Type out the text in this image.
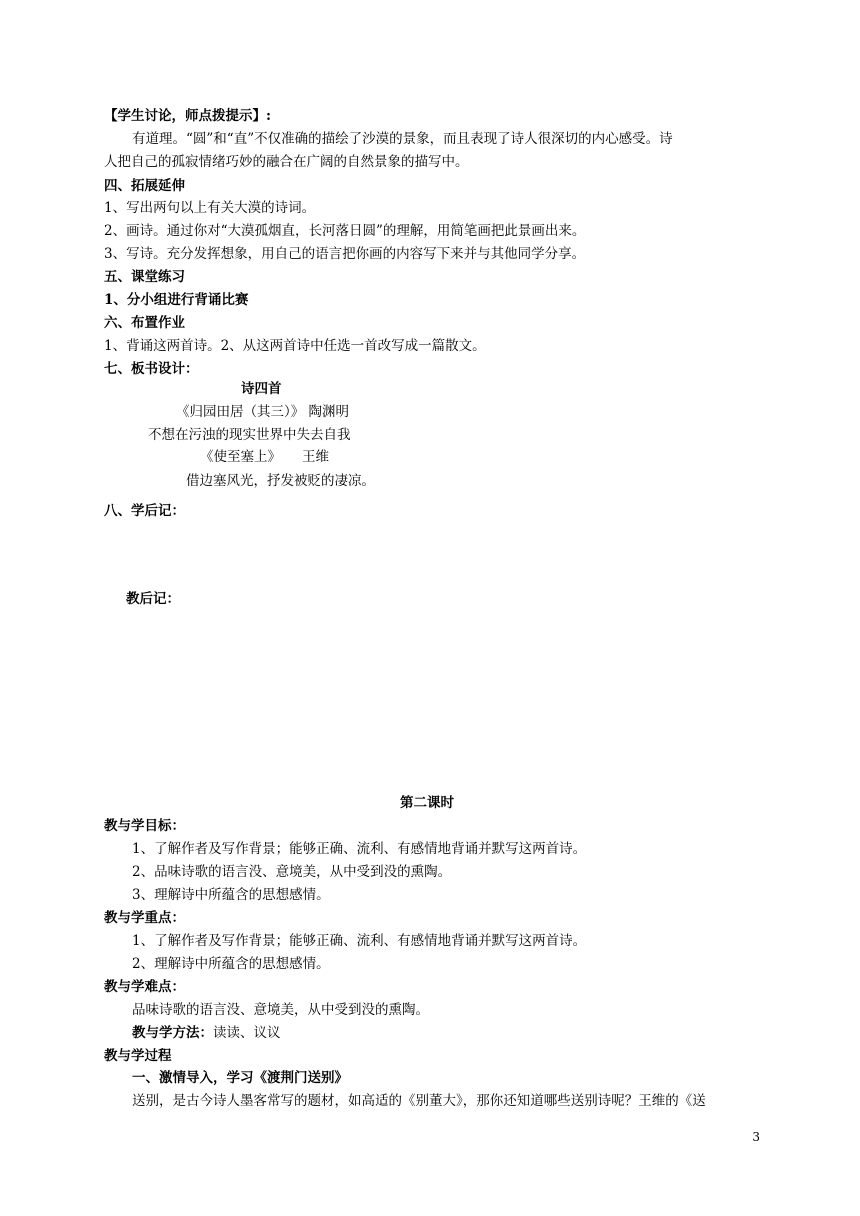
【学生讨论，师点拨提示】:
有道理。“圆”和“直”不仅准确的描绘了沙漠的景象，而且表现了诗人很深切的内心感受。诗
人把自己的孤寂情绪巧妙的融合在广阔的自然景象的描写中。
四、拓展延伸
1、写出两句以上有关大漠的诗词。
2、画诗。通过你对“大漠孤烟直，长河落日圆”的理解，用简笔画把此景画出来。
3、写诗。充分发挥想象，用自己的语言把你画的内容写下来并与其他同学分享。
五、课堂练习
1、分小组进行背诵比赛
六、布置作业
1、背诵这两首诗。2、从这两首诗中任选一首改写成一篇散文。
七、板书设计：
诗四首
《归园田居（其三）》 陶渊明
不想在污浊的现实世界中失去自我
《使至塞上》 王维
借边塞风光，抒发被贬的凄凉。
八、学后记：
教后记：
第二课时
教与学目标：
1、了解作者及写作背景；能够正确、流利、有感情地背诵并默写这两首诗。
2、品味诗歌的语言没、意境美，从中受到没的熏陶。
3、理解诗中所蕴含的思想感情。
教与学重点：
1、了解作者及写作背景；能够正确、流利、有感情地背诵并默写这两首诗。
2、理解诗中所蕴含的思想感情。
教与学难点：
品味诗歌的语言没、意境美，从中受到没的熏陶。
教与学方法：读读、议议
教与学过程
一、激情导入，学习《渡荆门送别》
送别，是古今诗人墨客常写的题材，如高适的《别董大》，那你还知道哪些送别诗呢？王维的《送
3
